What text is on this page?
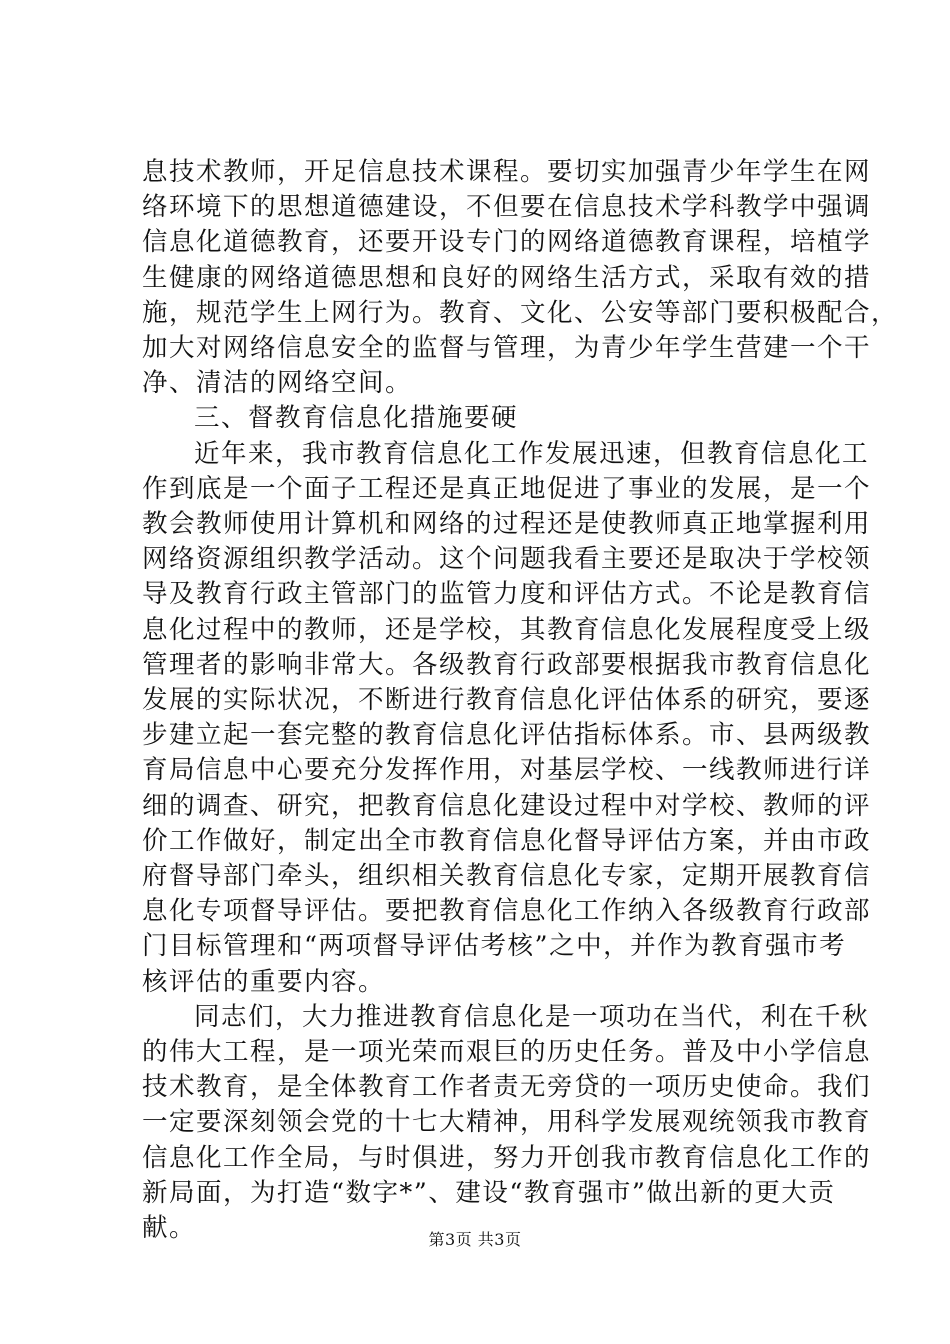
息技术教师，开足信息技术课程。要切实加强青少年学生在网
络环境下的思想道德建设，不但要在信息技术学科教学中强调
信息化道德教育，还要开设专门的网络道德教育课程，培植学
生健康的网络道德思想和良好的网络生活方式，采取有效的措
施，规范学生上网行为。教育、文化、公安等部门要积极配合，
加大对网络信息安全的监督与管理，为青少年学生营建一个干
净、清洁的网络空间。
三、督教育信息化措施要硬
近年来，我市教育信息化工作发展迅速，但教育信息化工
作到底是一个面子工程还是真正地促进了事业的发展，是一个
教会教师使用计算机和网络的过程还是使教师真正地掌握利用
网络资源组织教学活动。这个问题我看主要还是取决于学校领
导及教育行政主管部门的监管力度和评估方式。不论是教育信
息化过程中的教师，还是学校，其教育信息化发展程度受上级
管理者的影响非常大。各级教育行政部要根据我市教育信息化
发展的实际状况，不断进行教育信息化评估体系的研究，要逐
步建立起一套完整的教育信息化评估指标体系。市、县两级教
育局信息中心要充分发挥作用，对基层学校、一线教师进行详
细的调查、研究，把教育信息化建设过程中对学校、教师的评
价工作做好，制定出全市教育信息化督导评估方案，并由市政
府督导部门牵头，组织相关教育信息化专家，定期开展教育信
息化专项督导评估。要把教育信息化工作纳入各级教育行政部
门目标管理和“两项督导评估考核”之中，并作为教育强市考
核评估的重要内容。
同志们，大力推进教育信息化是一项功在当代，利在千秋
的伟大工程，是一项光荣而艰巨的历史任务。普及中小学信息
技术教育，是全体教育工作者责无旁贷的一项历史使命。我们
一定要深刻领会党的十七大精神，用科学发展观统领我市教育
信息化工作全局，与时俱进，努力开创我市教育信息化工作的
新局面，为打造“数字*”、建设“教育强市”做出新的更大贡
献。	第3页 共3页
